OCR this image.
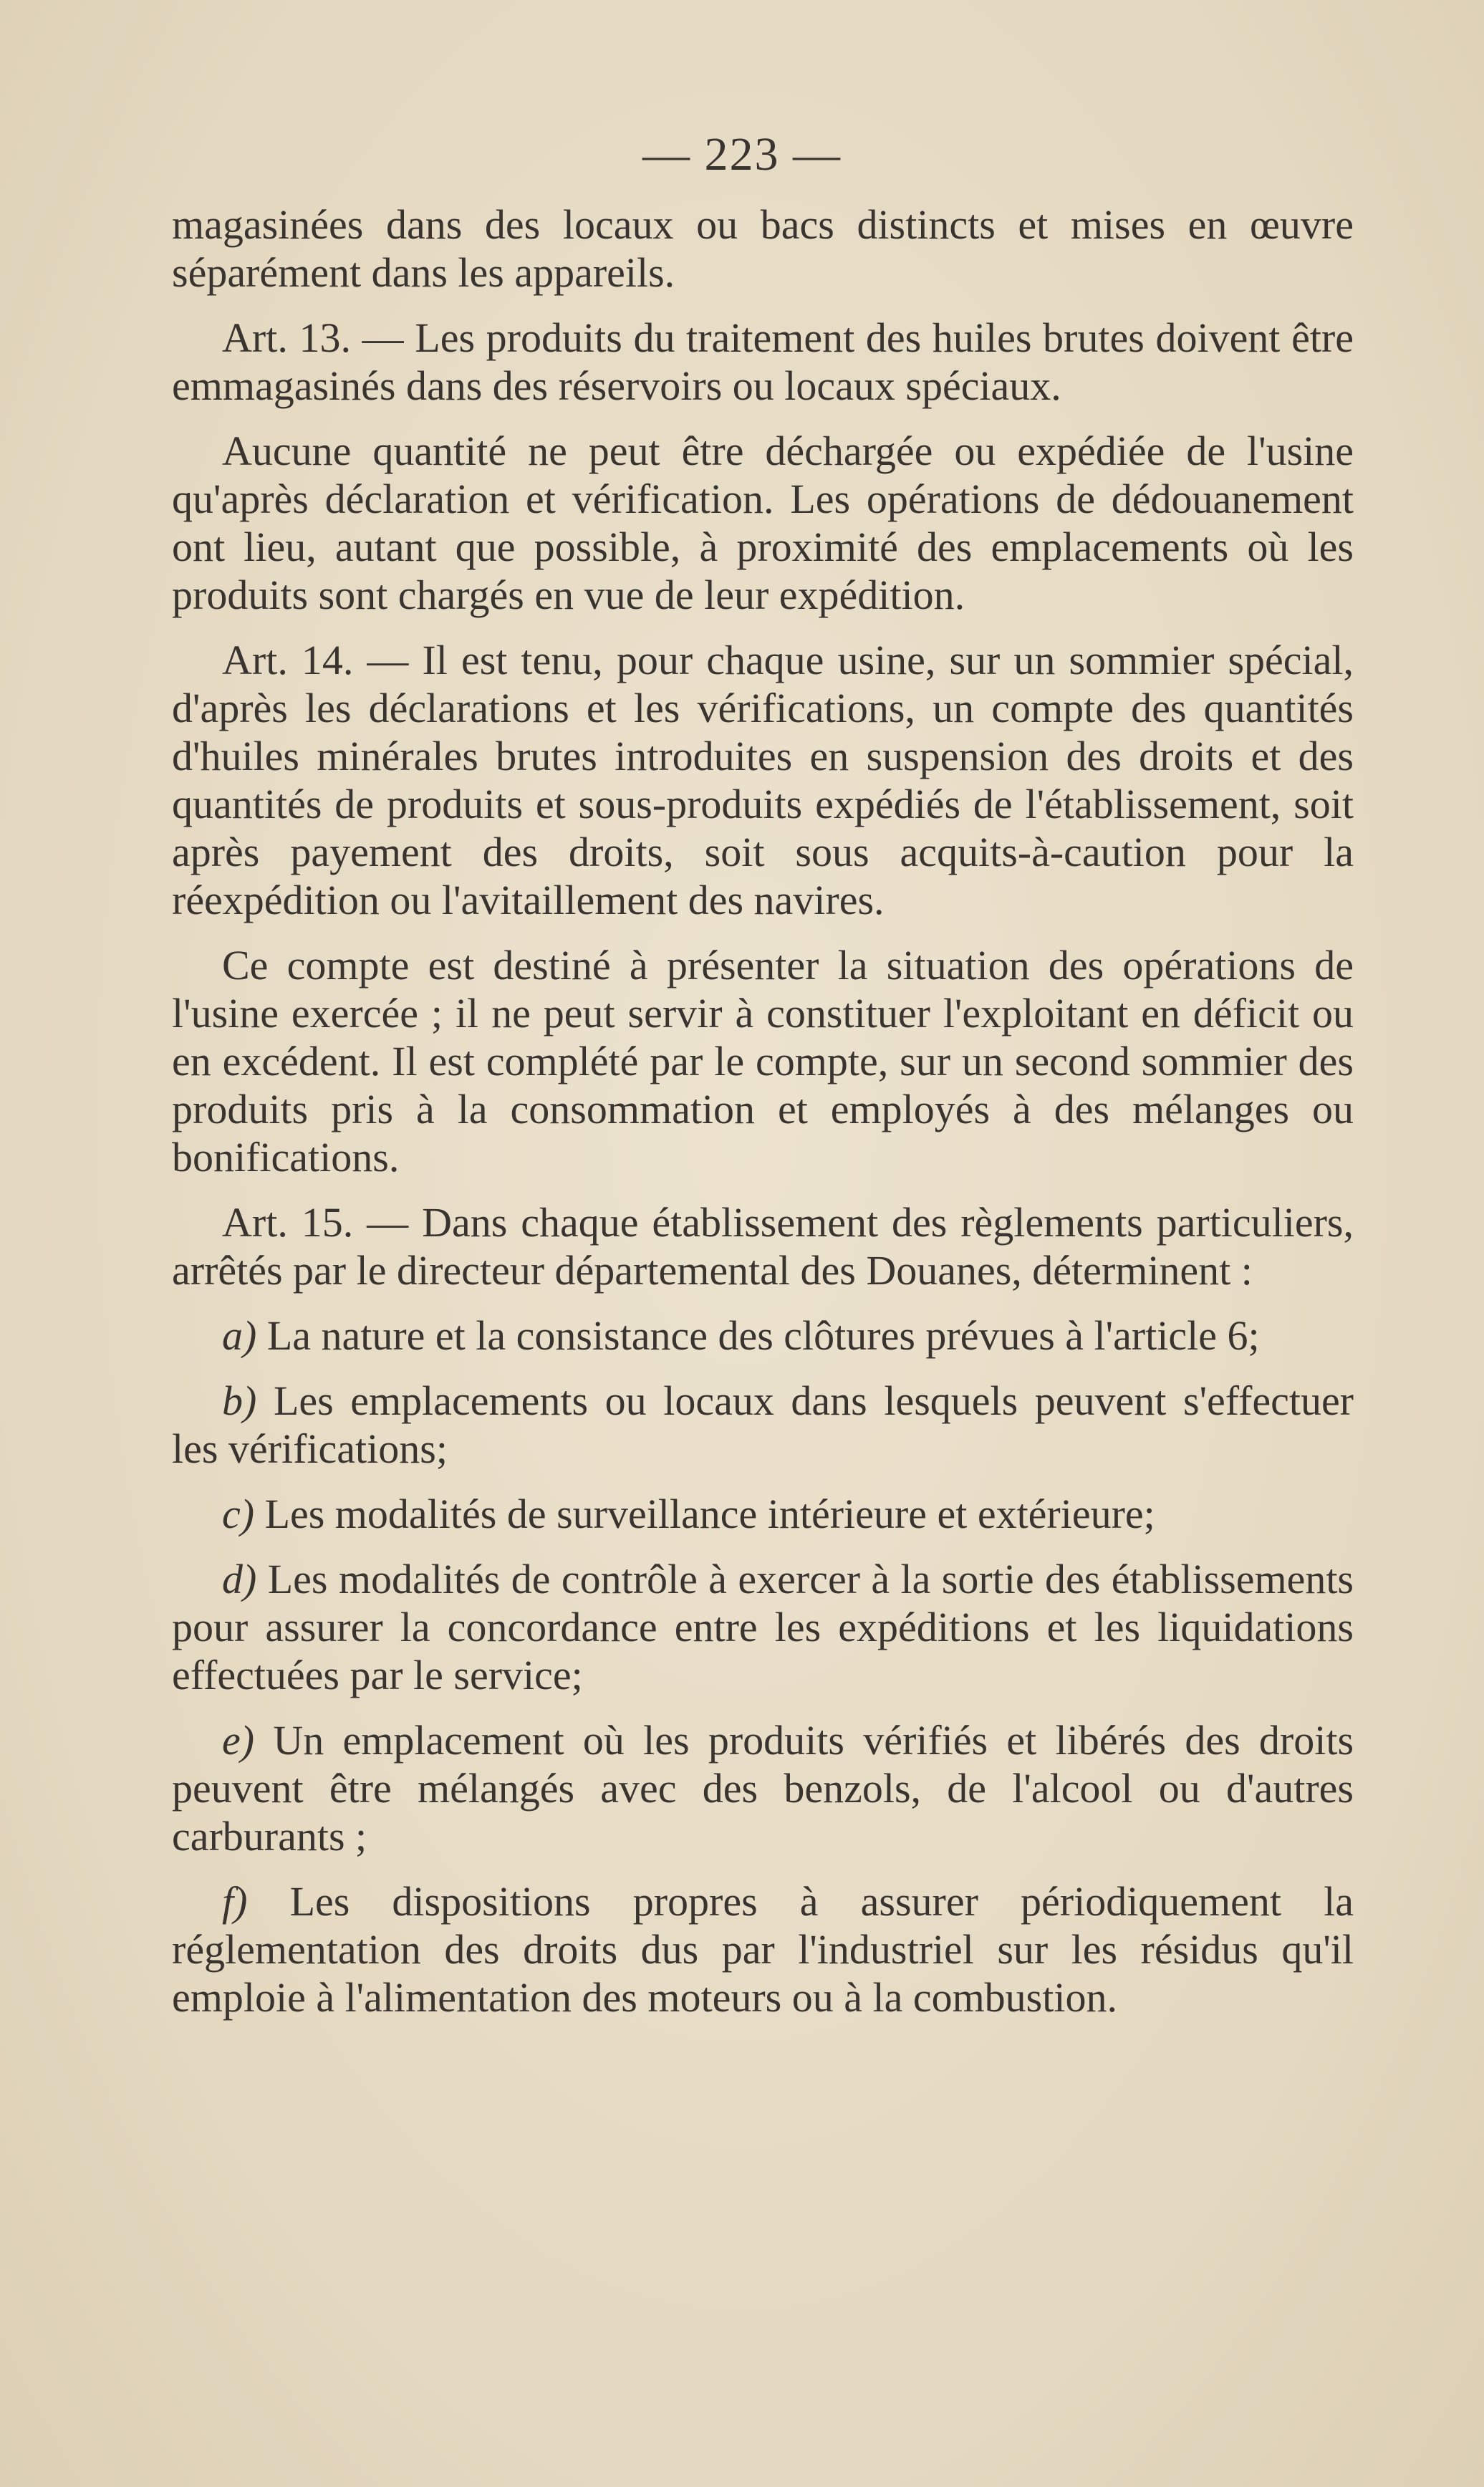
— 223 —

magasinées dans des locaux ou bacs distincts et mises en œuvre séparément dans les appareils.

Art. 13. — Les produits du traitement des huiles brutes doivent être emmagasinés dans des réservoirs ou locaux spéciaux.

Aucune quantité ne peut être déchargée ou expédiée de l'usine qu'après déclaration et vérification. Les opérations de dédouanement ont lieu, autant que possible, à proximité des emplacements où les produits sont chargés en vue de leur expédition.

Art. 14. — Il est tenu, pour chaque usine, sur un sommier spécial, d'après les déclarations et les vérifications, un compte des quantités d'huiles minérales brutes introduites en suspension des droits et des quantités de produits et sous-produits expédiés de l'établissement, soit après payement des droits, soit sous acquits-à-caution pour la réexpédition ou l'avitaillement des navires.

Ce compte est destiné à présenter la situation des opérations de l'usine exercée ; il ne peut servir à constituer l'exploitant en déficit ou en excédent. Il est complété par le compte, sur un second sommier des produits pris à la consommation et employés à des mélanges ou bonifications.

Art. 15. — Dans chaque établissement des règlements particuliers, arrêtés par le directeur départemental des Douanes, déterminent :

a) La nature et la consistance des clôtures prévues à l'article 6;

b) Les emplacements ou locaux dans lesquels peuvent s'effectuer les vérifications;

c) Les modalités de surveillance intérieure et extérieure;

d) Les modalités de contrôle à exercer à la sortie des établissements pour assurer la concordance entre les expéditions et les liquidations effectuées par le service;

e) Un emplacement où les produits vérifiés et libérés des droits peuvent être mélangés avec des benzols, de l'alcool ou d'autres carburants ;

f) Les dispositions propres à assurer périodiquement la réglementation des droits dus par l'industriel sur les résidus qu'il emploie à l'alimentation des moteurs ou à la combustion.
